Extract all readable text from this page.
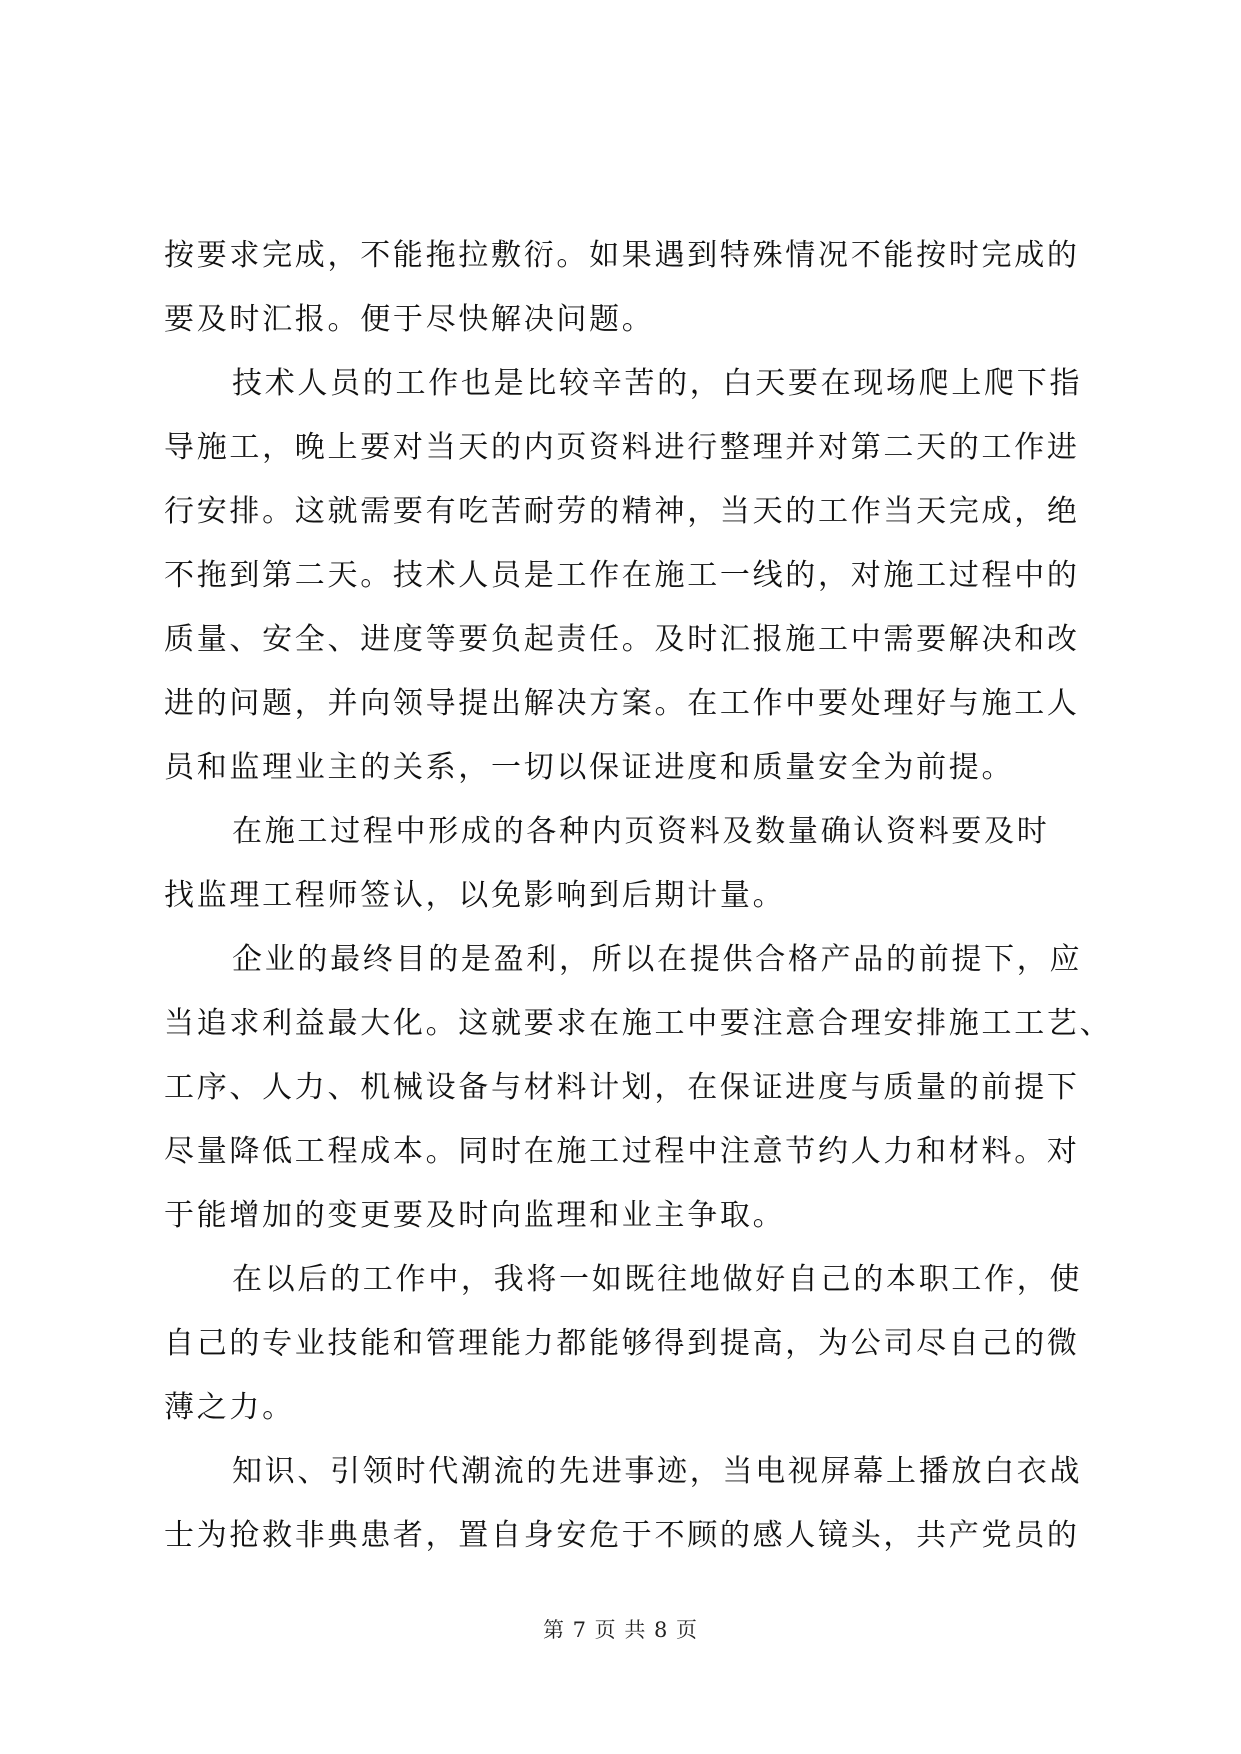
按要求完成，不能拖拉敷衍。如果遇到特殊情况不能按时完成的
要及时汇报。便于尽快解决问题。
技术人员的工作也是比较辛苦的，白天要在现场爬上爬下指
导施工，晚上要对当天的内页资料进行整理并对第二天的工作进
行安排。这就需要有吃苦耐劳的精神，当天的工作当天完成，绝
不拖到第二天。技术人员是工作在施工一线的，对施工过程中的
质量、安全、进度等要负起责任。及时汇报施工中需要解决和改
进的问题，并向领导提出解决方案。在工作中要处理好与施工人
员和监理业主的关系，一切以保证进度和质量安全为前提。
在施工过程中形成的各种内页资料及数量确认资料要及时
找监理工程师签认，以免影响到后期计量。
企业的最终目的是盈利，所以在提供合格产品的前提下，应
当追求利益最大化。这就要求在施工中要注意合理安排施工工艺、
工序、人力、机械设备与材料计划，在保证进度与质量的前提下
尽量降低工程成本。同时在施工过程中注意节约人力和材料。对
于能增加的变更要及时向监理和业主争取。
在以后的工作中，我将一如既往地做好自己的本职工作，使
自己的专业技能和管理能力都能够得到提高，为公司尽自己的微
薄之力。
知识、引领时代潮流的先进事迹，当电视屏幕上播放白衣战
士为抢救非典患者，置自身安危于不顾的感人镜头，共产党员的
第 7 页 共 8 页
